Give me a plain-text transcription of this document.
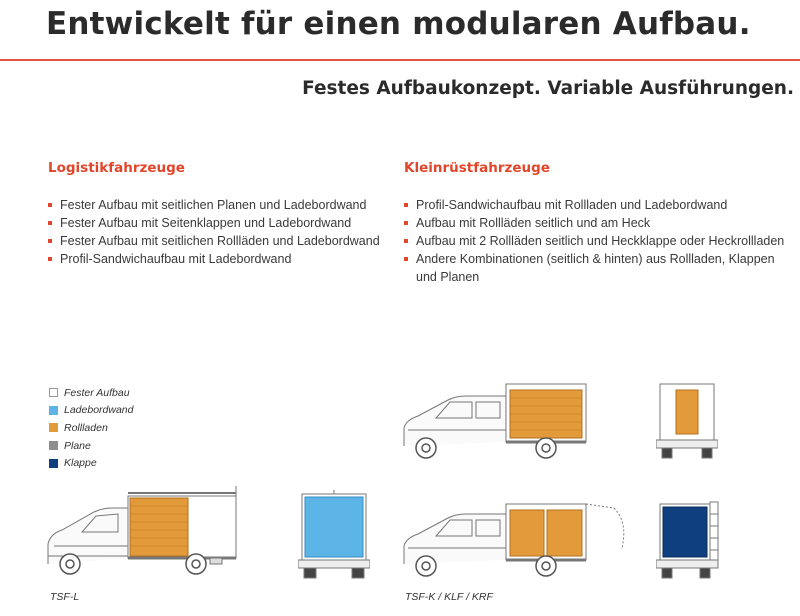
Entwickelt für einen modularen Aufbau.
Festes Aufbaukonzept. Variable Ausführungen.
Logistikfahrzeuge
Fester Aufbau mit seitlichen Planen und Ladebordwand
Fester Aufbau mit Seitenklappen und Ladebordwand
Fester Aufbau mit seitlichen Rollläden und Ladebordwand
Profil-Sandwichaufbau mit Ladebordwand
Kleinrüstfahrzeuge
Profil-Sandwichaufbau mit Rollladen und Ladebordwand
Aufbau mit Rollläden seitlich und am Heck
Aufbau mit 2 Rollläden seitlich und Heckklappe oder Heckrollladen
Andere Kombinationen (seitlich & hinten) aus Rollladen, Klappen und Planen
Fester Aufbau
Ladebordwand
Rollladen
Plane
Klappe
TSF-L	TSF-K / KLF / KRF
